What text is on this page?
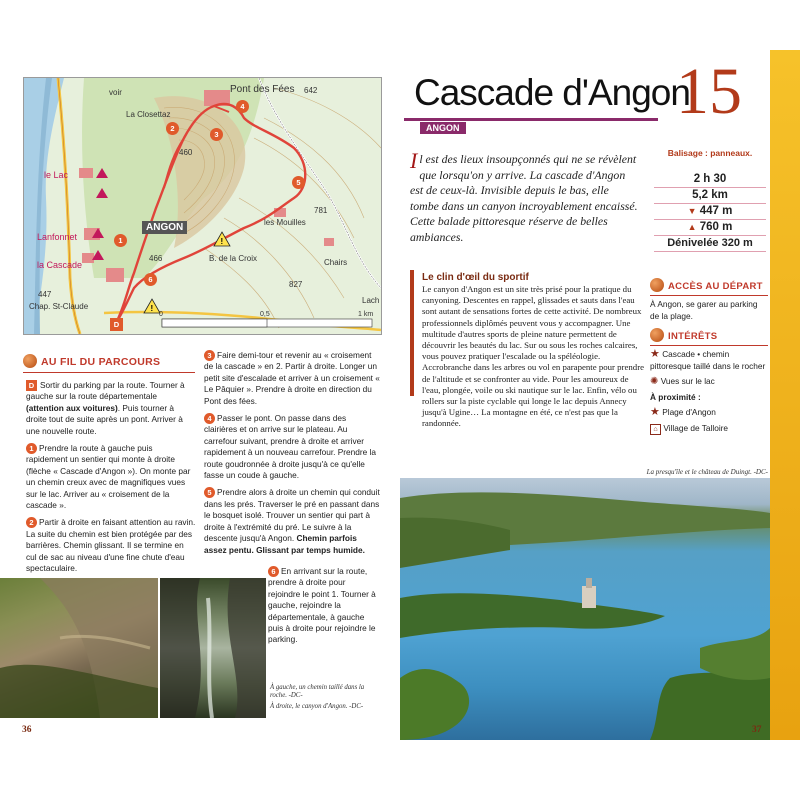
!
!
Pont des Fées 642
La Closettaz
voir
le Lac
Lanfonnet
la Cascade
Chap. St-Claude
447
466
460
les Mouilles
781
B. de la Croix
827
Lach
Chairs
ANGON
0	0,5	1 km
1
2
3
4
5
6
D
AU FIL DU PARCOURS

D Sortir du parking par la route. Tourner à gauche sur la route départementale (attention aux voitures). Puis tourner à droite tout de suite après un pont. Arriver à une nouvelle route.

1 Prendre la route à gauche puis rapidement un sentier qui monte à droite (flèche « Cascade d'Angon »). On monte par un chemin creux avec de magnifiques vues sur le lac. Arriver au « croisement de la cascade ».

2 Partir à droite en faisant attention au ravin. La suite du chemin est bien protégée par des barrières. Chemin glissant. Il se termine en cul de sac au niveau d'une fine chute d'eau spectaculaire.

3 Faire demi-tour et revenir au « croisement de la cascade » en 2. Partir à droite. Longer un petit site d'escalade et arriver à un croisement « Le Pâquier ». Prendre à droite en direction du Pont des fées.

4 Passer le pont. On passe dans des clairières et on arrive sur le plateau. Au carrefour suivant, prendre à droite et arriver rapidement à un nouveau carrefour. Prendre la route goudronnée à droite jusqu'à ce qu'elle fasse un coude à gauche.

5 Prendre alors à droite un chemin qui conduit dans les prés. Traverser le pré en passant dans le bosquet isolé. Trouver un sentier qui part à droite à l'extrémité du pré. Le suivre à la descente jusqu'à Angon. Chemin parfois assez pentu. Glissant par temps humide.

6 En arrivant sur la route, prendre à droite pour rejoindre le point 1. Tourner à gauche, rejoindre la départementale, à gauche puis à droite pour rejoindre le parking.

À gauche, un chemin taillé dans la roche. -DC-
À droite, le canyon d'Angon. -DC-
36
Cascade d'Angon
ANGON	15
Il est des lieux insoupçonnés qui ne se révèlent que lorsqu'on y arrive. La cascade d'Angon est de ceux-là. Invisible depuis le bas, elle tombe dans un canyon incroyablement encaissé. Cette balade pittoresque réserve de belles ambiances.
Balisage : panneaux.
2 h 30
5,2 km
▼ 447 m
▲ 760 m
Dénivelée 320 m
Le clin d'œil du sportif
Le canyon d'Angon est un site très prisé pour la pratique du canyoning. Descentes en rappel, glissades et sauts dans l'eau sont autant de sensations fortes de cette activité. De nombreux professionnels diplômés peuvent vous y accompagner. Une multitude d'autres sports de pleine nature permettent de découvrir les beautés du lac. Sur ou sous les roches calcaires, vous pouvez pratiquer l'escalade ou la spéléologie. Accrobranche dans les arbres ou vol en parapente pour prendre de l'altitude et se confronter au vide. Pour les amoureux de l'eau, plongée, voile ou ski nautique sur le lac. Enfin, vélo ou rollers sur la piste cyclable qui longe le lac depuis Annecy jusqu'à Ugine… La montagne en été, ce n'est pas que la randonnée.
ACCÈS AU DÉPART
À Angon, se garer au parking de la plage.
INTÉRÊTS
★ Cascade • chemin pittoresque taillé dans le rocher
✺ Vues sur le lac
À proximité :
★ Plage d'Angon
⌂ Village de Talloire
La presqu'île et le château de Duingt. -DC-
37
